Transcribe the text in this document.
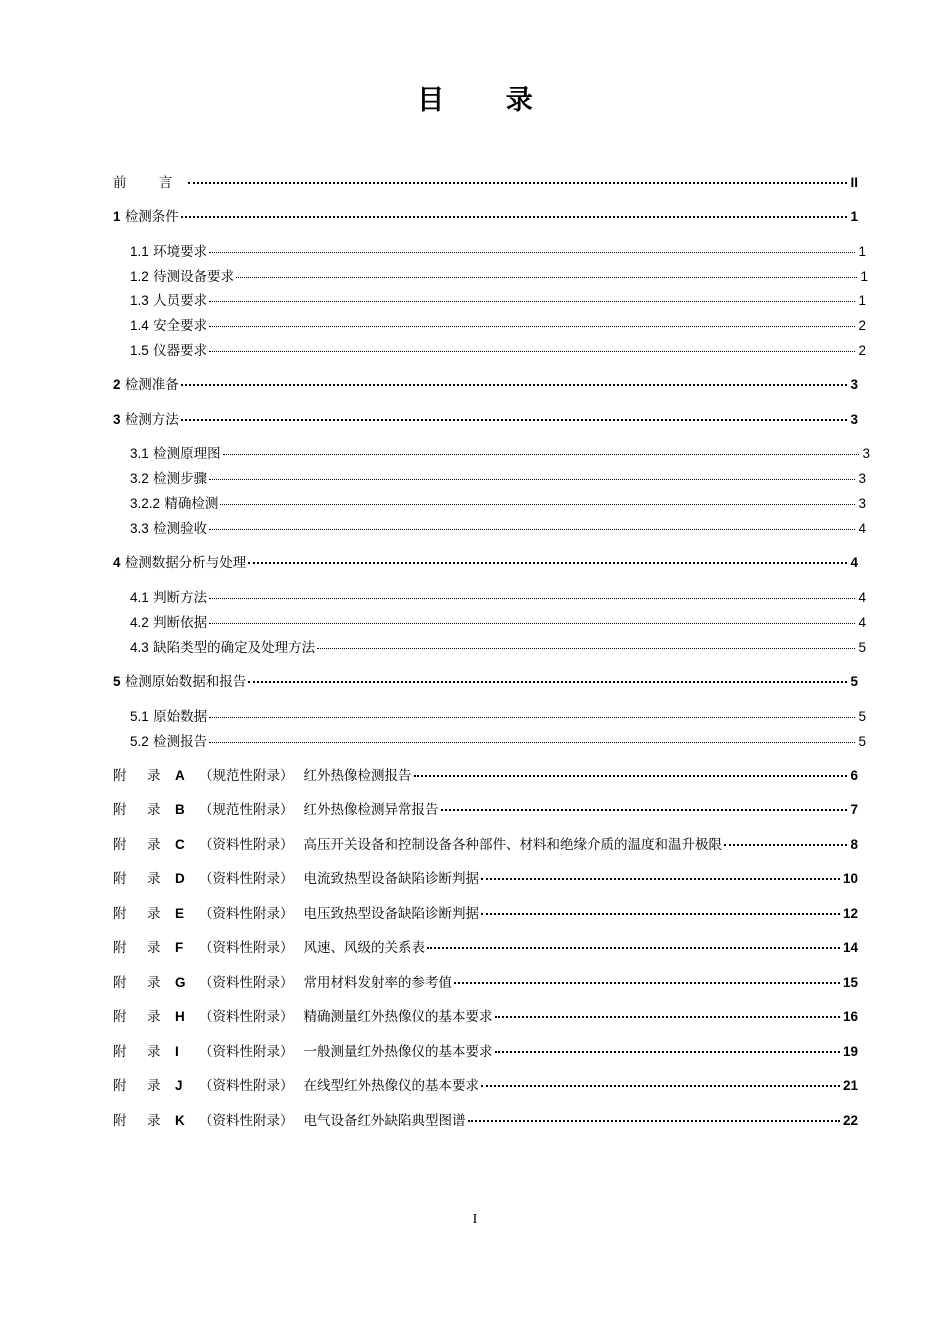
目 录
前 言	II
1 检测条件	1
1.1 环境要求	1
1.2 待测设备要求	1
1.3 人员要求	1
1.4 安全要求	2
1.5 仪器要求	2
2 检测准备	3
3 检测方法	3
3.1 检测原理图	3
3.2 检测步骤	3
3.2.2 精确检测	3
3.3 检测验收	4
4 检测数据分析与处理	4
4.1 判断方法	4
4.2 判断依据	4
4.3 缺陷类型的确定及处理方法	5
5 检测原始数据和报告	5
5.1 原始数据	5
5.2 检测报告	5
附	录	A	（规范性附录） 红外热像检测报告	6
附	录	B	（规范性附录） 红外热像检测异常报告	7
附	录	C	（资料性附录） 高压开关设备和控制设备各种部件、材料和绝缘介质的温度和温升极限	8
附	录	D	（资料性附录） 电流致热型设备缺陷诊断判据	10
附	录	E	（资料性附录） 电压致热型设备缺陷诊断判据	12
附	录	F	（资料性附录） 风速、风级的关系表	14
附	录	G （资料性附录） 常用材料发射率的参考值	15
附	录	H	（资料性附录） 精确测量红外热像仪的基本要求	16
附	录	I	（资料性附录） 一般测量红外热像仪的基本要求	19
附	录	J	（资料性附录） 在线型红外热像仪的基本要求	21
附	录	K	（资料性附录） 电气设备红外缺陷典型图谱	22
I
